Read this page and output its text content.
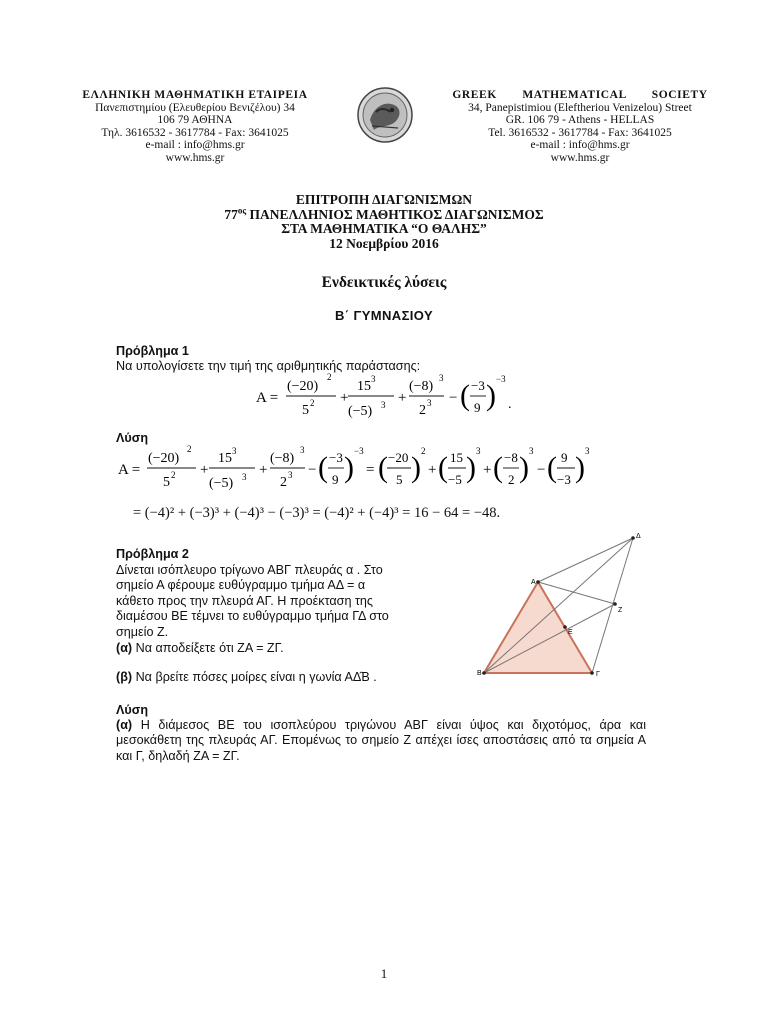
ΕΛΛΗΝΙΚΗ ΜΑΘΗΜΑΤΙΚΗ ΕΤΑΙΡΕΙΑ
Πανεπιστημίου (Ελευθερίου Βενιζέλου) 34
106 79 ΑΘΗΝΑ
Τηλ. 3616532 - 3617784 - Fax: 3641025
e-mail : info@hms.gr
www.hms.gr
GREEK MATHEMATICAL SOCIETY
34, Panepistimiou (Eleftheriou Venizelou) Street
GR. 106 79 - Athens - HELLAS
Tel. 3616532 - 3617784 - Fax: 3641025
e-mail : info@hms.gr
www.hms.gr
ΕΠΙΤΡΟΠΗ ΔΙΑΓΩΝΙΣΜΩΝ
$77^{o\varsigma}$ ΠΑΝΕΛΛΗΝΙΟΣ ΜΑΘΗΤΙΚΟΣ ΔΙΑΓΩΝΙΣΜΟΣ
ΣΤΑ ΜΑΘΗΜΑΤΙΚΑ “Ο ΘΑΛΗΣ”
12 Νοεμβρίου 2016
Ενδεικτικές λύσεις
Β΄ ΓΥΜΝΑΣΙΟΥ
Πρόβλημα 1
Να υπολογίσετε την τιμή της αριθμητικής παράστασης:
A =
(−20)
2
5 2 +
15 3
(−5) 3 +
(−8)
3
2 3 − ( −3
9 ) −3
.
Λύση
A =
(−20)
2
5 2 +
15 3
(−5) 3 +
(−8)
3
2 3 − ( −3
9 ) −3
= ( −20
5 ) 2
+ ( 15
−5 ) 3
+ ( −8
2 ) 3
− ( 9
−3 ) 3
= (−4)² + (−3)³ + (−4)³ − (−3)³ = (−4)² + (−4)³ = 16 − 64 = −48.
Πρόβλημα 2
Δίνεται ισόπλευρο τρίγωνο ΑΒΓ πλευράς α . Στο
σημείο Α φέρουμε ευθύγραμμο τμήμα ΑΔ = α
κάθετο προς την πλευρά ΑΓ. Η προέκταση της
διαμέσου ΒΕ τέμνει το ευθύγραμμο τμήμα ΓΔ στο
σημείο Ζ.
(α) Να αποδείξετε ότι ΖΑ = ΖΓ.
(β) Να βρείτε πόσες μοίρες είναι η γωνία ΑΔ̂Β .
Α
Β	Γ
Δ
Ε
Ζ
Λύση
(α) Η διάμεσος ΒΕ του ισοπλεύρου τριγώνου ΑΒΓ είναι ύψος και διχοτόμος, άρα και μεσοκάθετη της πλευράς ΑΓ. Επομένως το σημείο Ζ απέχει ίσες αποστάσεις από τα σημεία Α και Γ, δηλαδή ΖΑ = ΖΓ.
1
